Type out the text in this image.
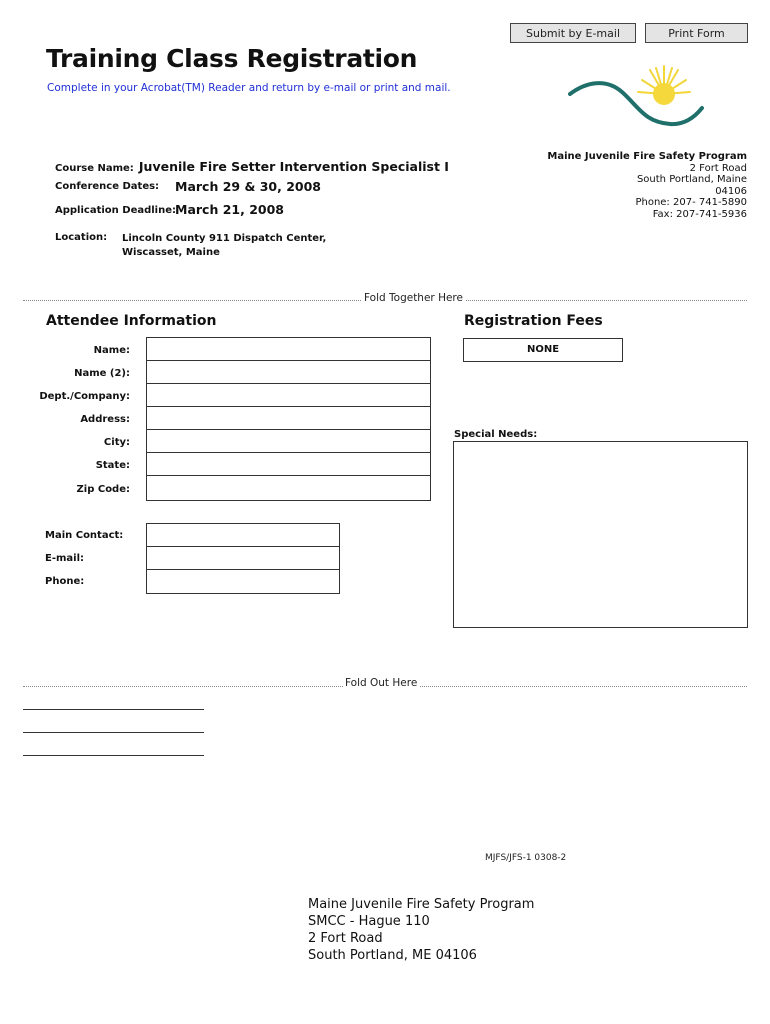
Submit by E-mail	Print Form
Training Class Registration
Complete in your Acrobat(TM) Reader and return by e-mail or print and mail.
Course Name: Juvenile Fire Setter Intervention Specialist I
Conference Dates: March 29 & 30, 2008
Application Deadline:
March 21, 2008
Location: Lincoln County 911 Dispatch Center,
Wiscasset, Maine
Maine Juvenile Fire Safety Program
2 Fort Road
South Portland, Maine
04106
Phone: 207- 741-5890
Fax: 207-741-5936
Fold Together Here
Attendee Information
Name:
Name (2):
Dept./Company:
Address:
City:
State:
Zip Code:
Main Contact:
E-mail:
Phone:
Registration Fees
NONE
Special Needs:
Fold Out Here
MJFS/JFS-1 0308-2
Maine Juvenile Fire Safety Program
SMCC - Hague 110
2 Fort Road
South Portland, ME 04106
